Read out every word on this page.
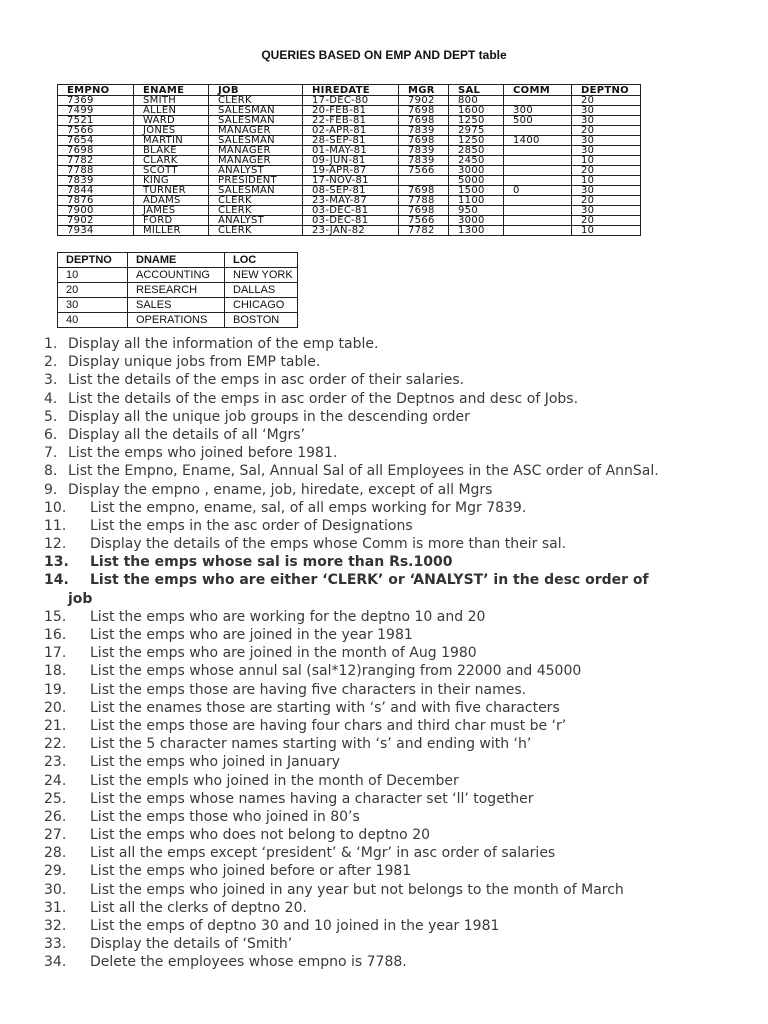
QUERIES BASED ON EMP AND DEPT table
EMPNO	ENAME	JOB	HIREDATE	MGR	SAL	COMM	DEPTNO
7369	SMITH	CLERK	17-DEC-80	7902	800		20
7499	ALLEN	SALESMAN	20-FEB-81	7698	1600	300	30
7521	WARD	SALESMAN	22-FEB-81	7698	1250	500	30
7566	JONES	MANAGER	02-APR-81	7839	2975		20
7654	MARTIN	SALESMAN	28-SEP-81	7698	1250	1400	30
7698	BLAKE	MANAGER	01-MAY-81	7839	2850		30
7782	CLARK	MANAGER	09-JUN-81	7839	2450		10
7788	SCOTT	ANALYST	19-APR-87	7566	3000		20
7839	KING	PRESIDENT	17-NOV-81		5000		10
7844	TURNER	SALESMAN	08-SEP-81	7698	1500	0	30
7876	ADAMS	CLERK	23-MAY-87	7788	1100		20
7900	JAMES	CLERK	03-DEC-81	7698	950		30
7902	FORD	ANALYST	03-DEC-81	7566	3000		20
7934	MILLER	CLERK	23-JAN-82	7782	1300		10
DEPTNO	DNAME	LOC
10	ACCOUNTING	NEW YORK
20	RESEARCH	DALLAS
30	SALES	CHICAGO
40	OPERATIONS	BOSTON
1. Display all the information of the emp table.
2. Display unique jobs from EMP table.
3. List the details of the emps in asc order of their salaries.
4. List the details of the emps in asc order of the Deptnos and desc of Jobs.
5. Display all the unique job groups in the descending order
6. Display all the details of all ‘Mgrs’
7. List the emps who joined before 1981.
8. List the Empno, Ename, Sal, Annual Sal of all Employees in the ASC order of AnnSal.
9. Display the empno , ename, job, hiredate, except of all Mgrs
10. List the empno, ename, sal, of all emps working for Mgr 7839.
11. List the emps in the asc order of Designations
12. Display the details of the emps whose Comm is more than their sal.
13. List the emps whose sal is more than Rs.1000
14. List the emps who are either ‘CLERK’ or ‘ANALYST’ in the desc order of
job
15. List the emps who are working for the deptno 10 and 20
16. List the emps who are joined in the year 1981
17. List the emps who are joined in the month of Aug 1980
18. List the emps whose annul sal (sal*12)ranging from 22000 and 45000
19. List the emps those are having five characters in their names.
20. List the enames those are starting with ‘s’ and with five characters
21. List the emps those are having four chars and third char must be ‘r’
22. List the 5 character names starting with ‘s’ and ending with ‘h’
23. List the emps who joined in January
24. List the empls who joined in the month of December
25. List the emps whose names having a character set ‘ll’ together
26. List the emps those who joined in 80’s
27. List the emps who does not belong to deptno 20
28. List all the emps except ‘president’ & ‘Mgr’ in asc order of salaries
29. List the emps who joined before or after 1981
30. List the emps who joined in any year but not belongs to the month of March
31. List all the clerks of deptno 20.
32. List the emps of deptno 30 and 10 joined in the year 1981
33. Display the details of ‘Smith’
34. Delete the employees whose empno is 7788.
